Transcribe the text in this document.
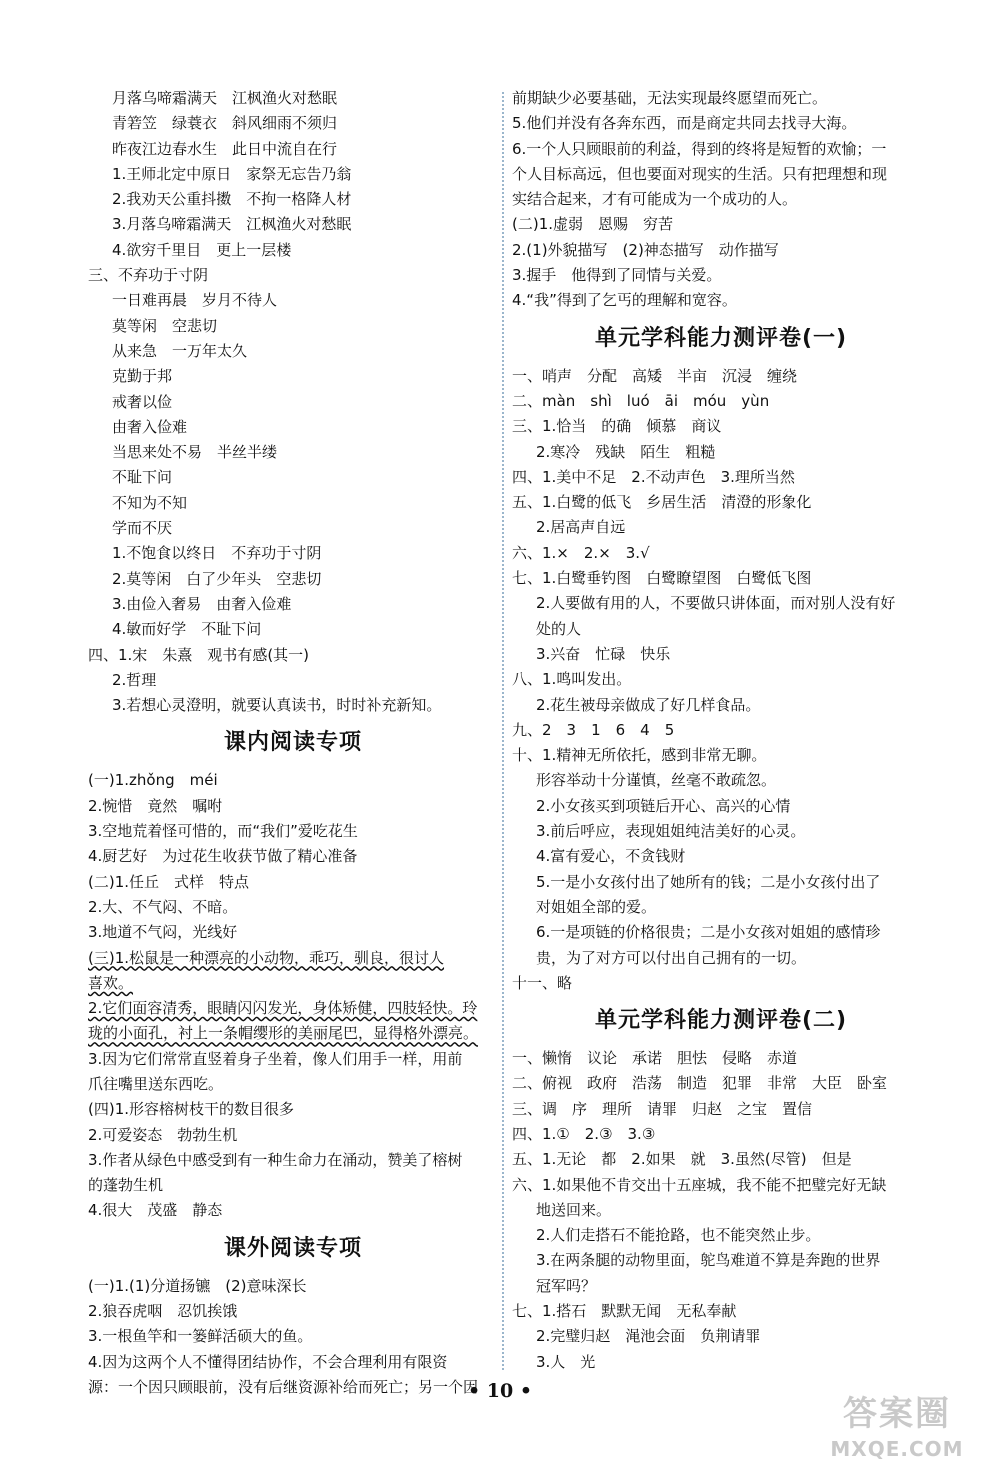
月落乌啼霜满天　江枫渔火对愁眠
青箬笠　绿蓑衣　斜风细雨不须归
昨夜江边春水生　此日中流自在行
1.王师北定中原日　家祭无忘告乃翁
2.我劝天公重抖擞　不拘一格降人材
3.月落乌啼霜满天　江枫渔火对愁眠
4.欲穷千里目　更上一层楼
三、不弃功于寸阴
一日难再晨　岁月不待人
莫等闲　空悲切
从来急　一万年太久
克勤于邦
戒奢以俭
由奢入俭难
当思来处不易　半丝半缕
不耻下问
不知为不知
学而不厌
1.不饱食以终日　不弃功于寸阴
2.莫等闲　白了少年头　空悲切
3.由俭入奢易　由奢入俭难
4.敏而好学　不耻下问
四、1.宋　朱熹　观书有感(其一)
2.哲理
3.若想心灵澄明，就要认真读书，时时补充新知。
课内阅读专项
(一)1.zhǒng　méi
2.惋惜　竟然　嘱咐
3.空地荒着怪可惜的，而“我们”爱吃花生
4.厨艺好　为过花生收获节做了精心准备
(二)1.任丘　式样　特点
2.大、不气闷、不暗。
3.地道不气闷，光线好
(三)1.松鼠是一种漂亮的小动物，乖巧，驯良，很讨人
喜欢。
2.它们面容清秀，眼睛闪闪发光，身体矫健，四肢轻快。玲
珑的小面孔，衬上一条帽缨形的美丽尾巴，显得格外漂亮。
3.因为它们常常直竖着身子坐着，像人们用手一样，用前
爪往嘴里送东西吃。
(四)1.形容榕树枝干的数目很多
2.可爱姿态　勃勃生机
3.作者从绿色中感受到有一种生命力在涌动，赞美了榕树
的蓬勃生机
4.很大　茂盛　静态
课外阅读专项
(一)1.(1)分道扬镳　(2)意味深长
2.狼吞虎咽　忍饥挨饿
3.一根鱼竿和一篓鲜活硕大的鱼。
4.因为这两个人不懂得团结协作，不会合理利用有限资
源：一个因只顾眼前，没有后继资源补给而死亡；另一个因
前期缺少必要基础，无法实现最终愿望而死亡。
5.他们并没有各奔东西，而是商定共同去找寻大海。
6.一个人只顾眼前的利益，得到的终将是短暂的欢愉；一
个人目标高远，但也要面对现实的生活。只有把理想和现
实结合起来，才有可能成为一个成功的人。
(二)1.虚弱　恩赐　穷苦
2.(1)外貌描写　(2)神态描写　动作描写
3.握手　他得到了同情与关爱。
4.“我”得到了乞丐的理解和宽容。
单元学科能力测评卷(一)
一、哨声　分配　高矮　半亩　沉浸　缠绕
二、màn　shì　luó　āi　móu　yùn
三、1.恰当　的确　倾慕　商议
2.寒冷　残缺　陌生　粗糙
四、1.美中不足　2.不动声色　3.理所当然
五、1.白鹭的低飞　乡居生活　清澄的形象化
2.居高声自远
六、1.×　2.×　3.√
七、1.白鹭垂钓图　白鹭瞭望图　白鹭低飞图
2.人要做有用的人，不要做只讲体面，而对别人没有好
处的人
3.兴奋　忙碌　快乐
八、1.鸣叫发出。
2.花生被母亲做成了好几样食品。
九、2　3　1　6　4　5
十、1.精神无所依托，感到非常无聊。
形容举动十分谨慎，丝毫不敢疏忽。
2.小女孩买到项链后开心、高兴的心情
3.前后呼应，表现姐姐纯洁美好的心灵。
4.富有爱心，不贪钱财
5.一是小女孩付出了她所有的钱；二是小女孩付出了
对姐姐全部的爱。
6.一是项链的价格很贵；二是小女孩对姐姐的感情珍
贵，为了对方可以付出自己拥有的一切。
十一、略
单元学科能力测评卷(二)
一、懒惰　议论　承诺　胆怯　侵略　赤道
二、俯视　政府　浩荡　制造　犯罪　非常　大臣　卧室
三、调　序　理所　请罪　归赵　之宝　置信
四、1.①　2.③　3.③
五、1.无论　都　2.如果　就　3.虽然(尽管)　但是
六、1.如果他不肯交出十五座城，我不能不把璧完好无缺
地送回来。
2.人们走搭石不能抢路，也不能突然止步。
3.在两条腿的动物里面，鸵鸟难道不算是奔跑的世界
冠军吗？
七、1.搭石　默默无闻　无私奉献
2.完璧归赵　渑池会面　负荆请罪
3.人　光
• 10 •
答案圈
MXQE.COM
